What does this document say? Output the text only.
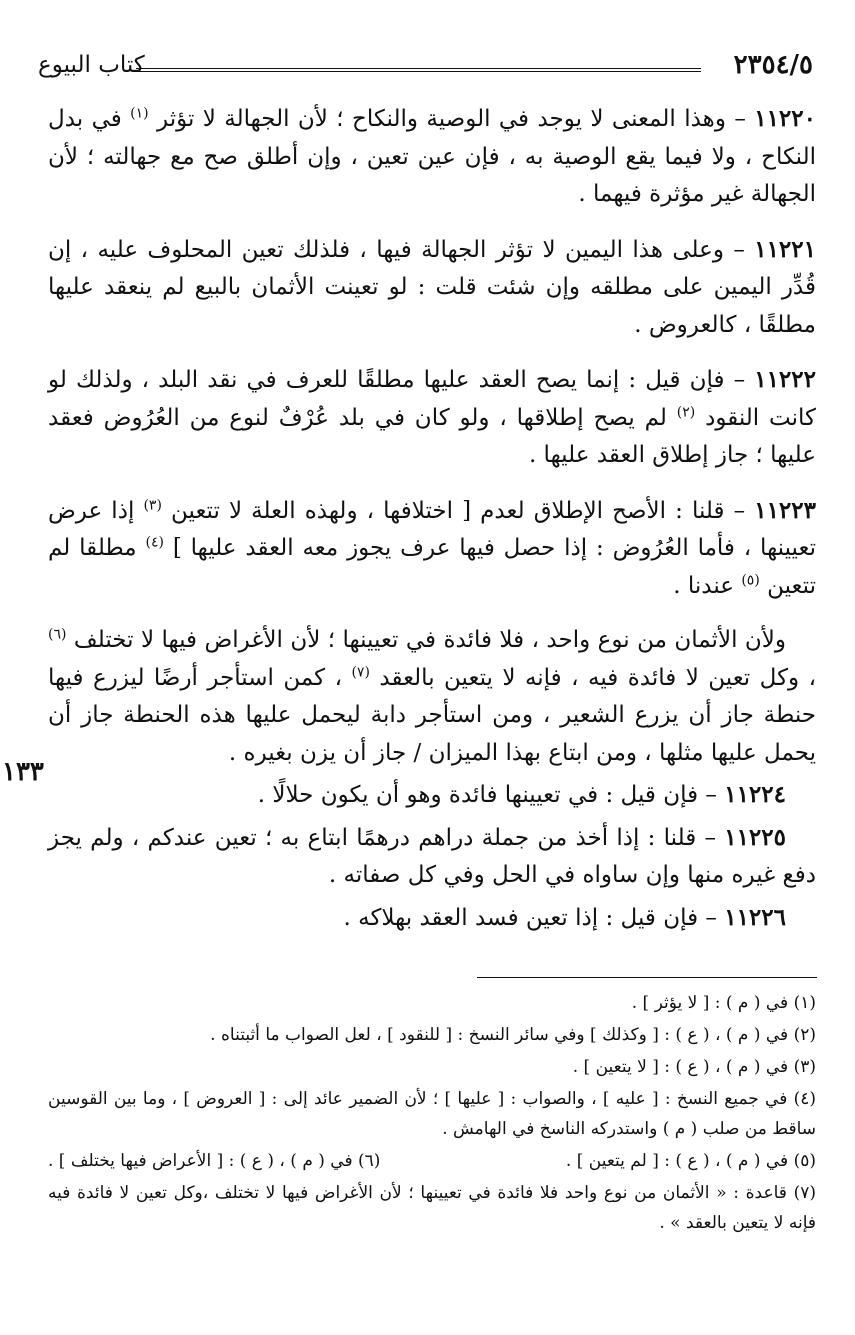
٢٣٥٤/٥
كتاب البيوع

١١٢٢٠ – وهذا المعنى لا يوجد في الوصية والنكاح ؛ لأن الجهالة لا تؤثر $^{(١)}$ في بدل النكاح ، ولا فيما يقع الوصية به ، فإن عين تعين ، وإن أطلق صح مع جهالته ؛ لأن الجهالة غير مؤثرة فيهما .

١١٢٢١ – وعلى هذا اليمين لا تؤثر الجهالة فيها ، فلذلك تعين المحلوف عليه ، إن قُدِّر اليمين على مطلقه وإن شئت قلت : لو تعينت الأثمان بالبيع لم ينعقد عليها مطلقًا ، كالعروض .

١١٢٢٢ – فإن قيل : إنما يصح العقد عليها مطلقًا للعرف في نقد البلد ، ولذلك لو كانت النقود $^{(٢)}$ لم يصح إطلاقها ، ولو كان في بلد عُرْفٌ لنوع من العُرُوض فعقد عليها ؛ جاز إطلاق العقد عليها .

١١٢٢٣ – قلنا : الأصح الإطلاق لعدم [ اختلافها ، ولهذه العلة لا تتعين $^{(٣)}$ إذا عرض تعيينها ، فأما العُرُوض : إذا حصل فيها عرف يجوز معه العقد عليها ] $^{(٤)}$ مطلقا لم تتعين $^{(٥)}$ عندنا .

ولأن الأثمان من نوع واحد ، فلا فائدة في تعيينها ؛ لأن الأغراض فيها لا تختلف $^{(٦)}$ ، وكل تعين لا فائدة فيه ، فإنه لا يتعين بالعقد $^{(٧)}$ ، كمن استأجر أرضًا ليزرع فيها حنطة جاز أن يزرع الشعير ، ومن استأجر دابة ليحمل عليها هذه الحنطة جاز أن يحمل عليها مثلها ، ومن ابتاع بهذا الميزان / جاز أن يزن بغيره .

١١٢٢٤ – فإن قيل : في تعيينها فائدة وهو أن يكون حلالًا .

١١٢٢٥ – قلنا : إذا أخذ من جملة دراهم درهمًا ابتاع به ؛ تعين عندكم ، ولم يجز دفع غيره منها وإن ساواه في الحل وفي كل صفاته .

١١٢٢٦ – فإن قيل : إذا تعين فسد العقد بهلاكه .

١٣٣

(١) في ( م ) : [ لا يؤثر ] .

(٢) في ( م ) ، ( ع ) : [ وكذلك ] وفي سائر النسخ : [ للنقود ] ، لعل الصواب ما أثبتناه .

(٣) في ( م ) ، ( ع ) : [ لا يتعين ] .

(٤) في جميع النسخ : [ عليه ] ، والصواب : [ عليها ] ؛ لأن الضمير عائد إلى : [ العروض ] ، وما بين القوسين ساقط من صلب ( م ) واستدركه الناسخ في الهامش .

(٥) في ( م ) ، ( ع ) : [ لم يتعين ] .
(٦) في ( م ) ، ( ع ) : [ الأعراض فيها يختلف ] .

(٧) قاعدة : « الأثمان من نوع واحد فلا فائدة في تعيينها ؛ لأن الأغراض فيها لا تختلف ،وكل تعين لا فائدة فيه فإنه لا يتعين بالعقد » .
